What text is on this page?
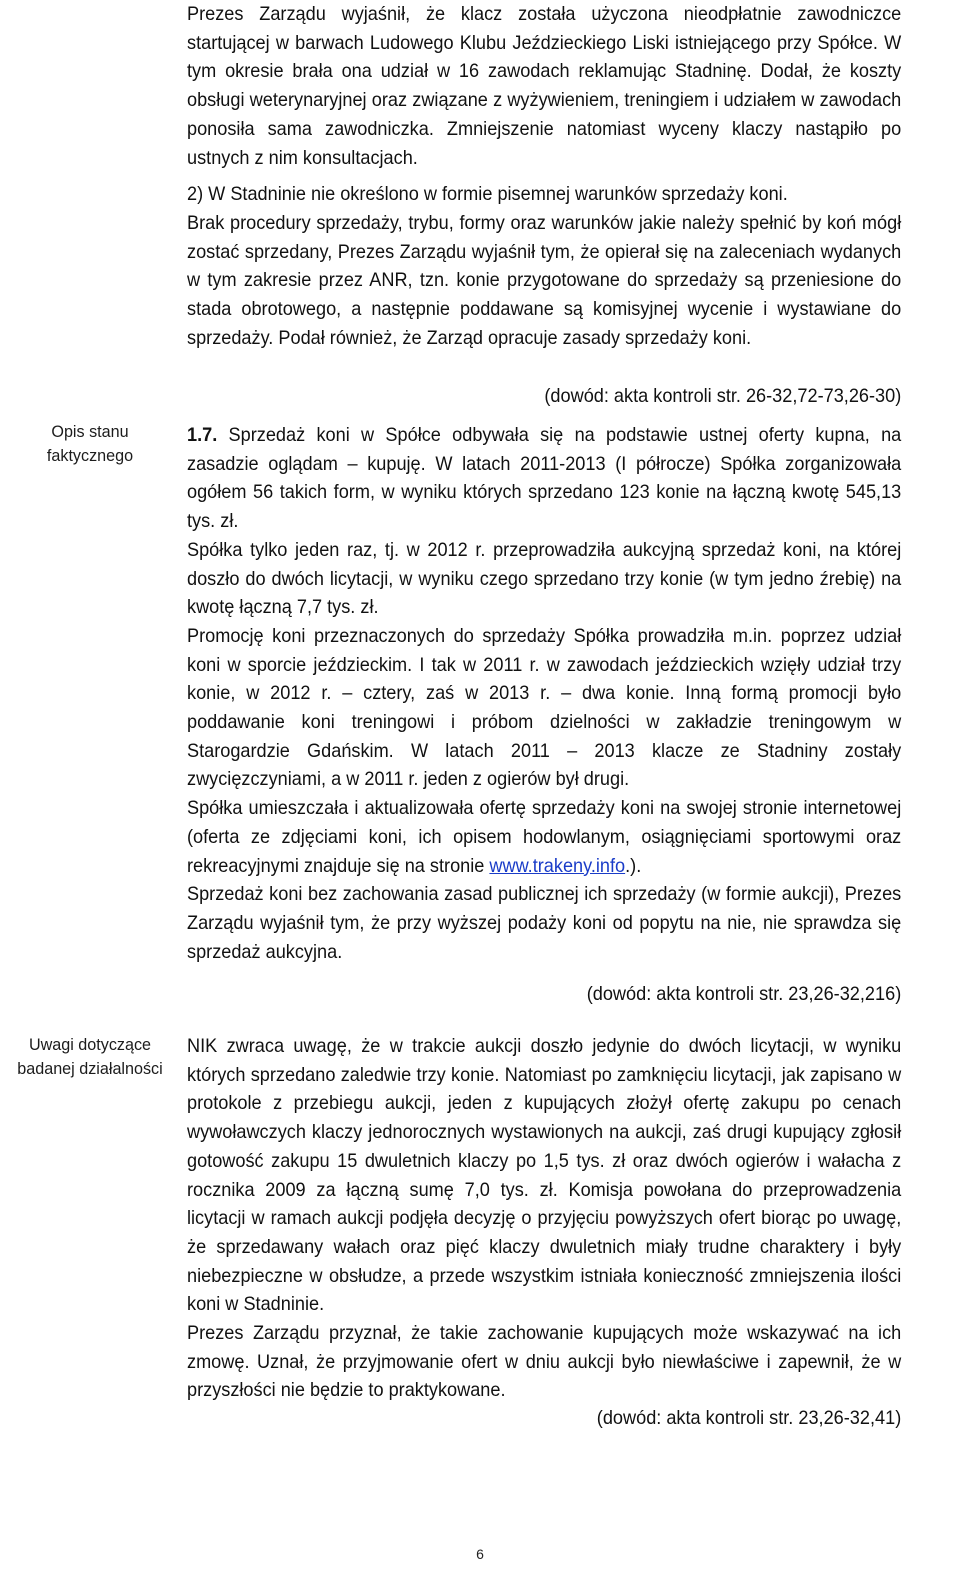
Opis stanu
faktycznego
Uwagi dotyczące
badanej działalności

Prezes Zarządu wyjaśnił, że klacz została użyczona nieodpłatnie zawodniczce startującej w barwach Ludowego Klubu Jeździeckiego Liski istniejącego przy Spółce. W tym okresie brała ona udział w 16 zawodach reklamując Stadninę. Dodał, że koszty obsługi weterynaryjnej oraz związane z wyżywieniem, treningiem i udziałem w zawodach ponosiła sama zawodniczka. Zmniejszenie natomiast wyceny klaczy nastąpiło po ustnych z nim konsultacjach.

2) W Stadninie nie określono w formie pisemnej warunków sprzedaży koni.

Brak procedury sprzedaży, trybu, formy oraz warunków jakie należy spełnić by koń mógł zostać sprzedany, Prezes Zarządu wyjaśnił tym, że opierał się na zaleceniach wydanych w tym zakresie przez ANR, tzn. konie przygotowane do sprzedaży są przeniesione do stada obrotowego, a następnie poddawane są komisyjnej wycenie i wystawiane do sprzedaży. Podał również, że Zarząd opracuje zasady sprzedaży koni.

(dowód: akta kontroli str. 26-32,72-73,26-30)

1.7. Sprzedaż koni w Spółce odbywała się na podstawie ustnej oferty kupna, na zasadzie oglądam – kupuję. W latach 2011-2013 (I półrocze) Spółka zorganizowała ogółem 56 takich form, w wyniku których sprzedano 123 konie na łączną kwotę 545,13 tys. zł.

Spółka tylko jeden raz, tj. w 2012 r. przeprowadziła aukcyjną sprzedaż koni, na której doszło do dwóch licytacji, w wyniku czego sprzedano trzy konie (w tym jedno źrebię) na kwotę łączną 7,7 tys. zł.

Promocję koni przeznaczonych do sprzedaży Spółka prowadziła m.in. poprzez udział koni w sporcie jeździeckim. I tak w 2011 r. w zawodach jeździeckich wzięły udział trzy konie, w 2012 r. – cztery, zaś w 2013 r. – dwa konie. Inną formą promocji było poddawanie koni treningowi i próbom dzielności w zakładzie treningowym w Starogardzie Gdańskim. W latach 2011 – 2013 klacze ze Stadniny zostały zwycięzczyniami, a w 2011 r. jeden z ogierów był drugi.

Spółka umieszczała i aktualizowała ofertę sprzedaży koni na swojej stronie internetowej (oferta ze zdjęciami koni, ich opisem hodowlanym, osiągnięciami sportowymi oraz rekreacyjnymi znajduje się na stronie www.trakeny.info.).

Sprzedaż koni bez zachowania zasad publicznej ich sprzedaży (w formie aukcji), Prezes Zarządu wyjaśnił tym, że przy wyższej podaży koni od popytu na nie, nie sprawdza się sprzedaż aukcyjna.

(dowód: akta kontroli str. 23,26-32,216)

NIK zwraca uwagę, że w trakcie aukcji doszło jedynie do dwóch licytacji, w wyniku których sprzedano zaledwie trzy konie. Natomiast po zamknięciu licytacji, jak zapisano w protokole z przebiegu aukcji, jeden z kupujących złożył ofertę zakupu po cenach wywoławczych klaczy jednorocznych wystawionych na aukcji, zaś drugi kupujący zgłosił gotowość zakupu 15 dwuletnich klaczy po 1,5 tys. zł oraz dwóch ogierów i wałacha z rocznika 2009 za łączną sumę 7,0 tys. zł. Komisja powołana do przeprowadzenia licytacji w ramach aukcji podjęła decyzję o przyjęciu powyższych ofert biorąc po uwagę, że sprzedawany wałach oraz pięć klaczy dwuletnich miały trudne charaktery i były niebezpieczne w obsłudze, a przede wszystkim istniała konieczność zmniejszenia ilości koni w Stadninie.

Prezes Zarządu przyznał, że takie zachowanie kupujących może wskazywać na ich zmowę. Uznał, że przyjmowanie ofert w dniu aukcji było niewłaściwe i zapewnił, że w przyszłości nie będzie to praktykowane.

(dowód: akta kontroli str. 23,26-32,41)

6
